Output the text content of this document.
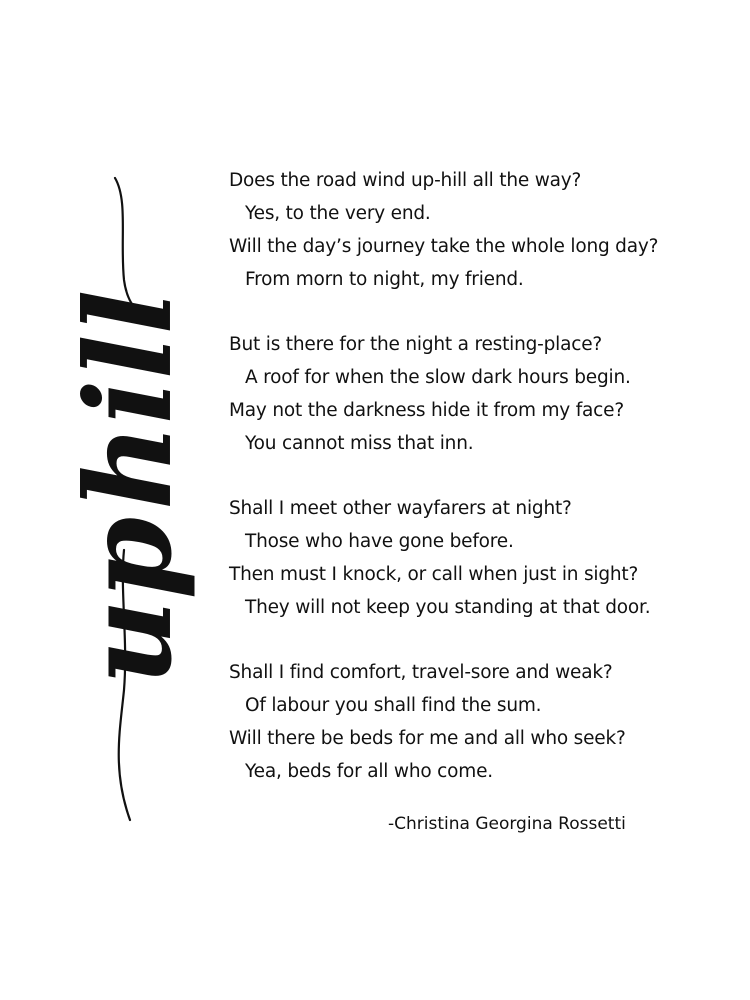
up
hill
Does the road wind up-hill all the way?
Yes, to the very end.
Will the day’s journey take the whole long day?
From morn to night, my friend.
But is there for the night a resting-place?
A roof for when the slow dark hours begin.
May not the darkness hide it from my face?
You cannot miss that inn.
Shall I meet other wayfarers at night?
Those who have gone before.
Then must I knock, or call when just in sight?
They will not keep you standing at that door.
Shall I find comfort, travel-sore and weak?
Of labour you shall find the sum.
Will there be beds for me and all who seek?
Yea, beds for all who come.
-Christina Georgina Rossetti
